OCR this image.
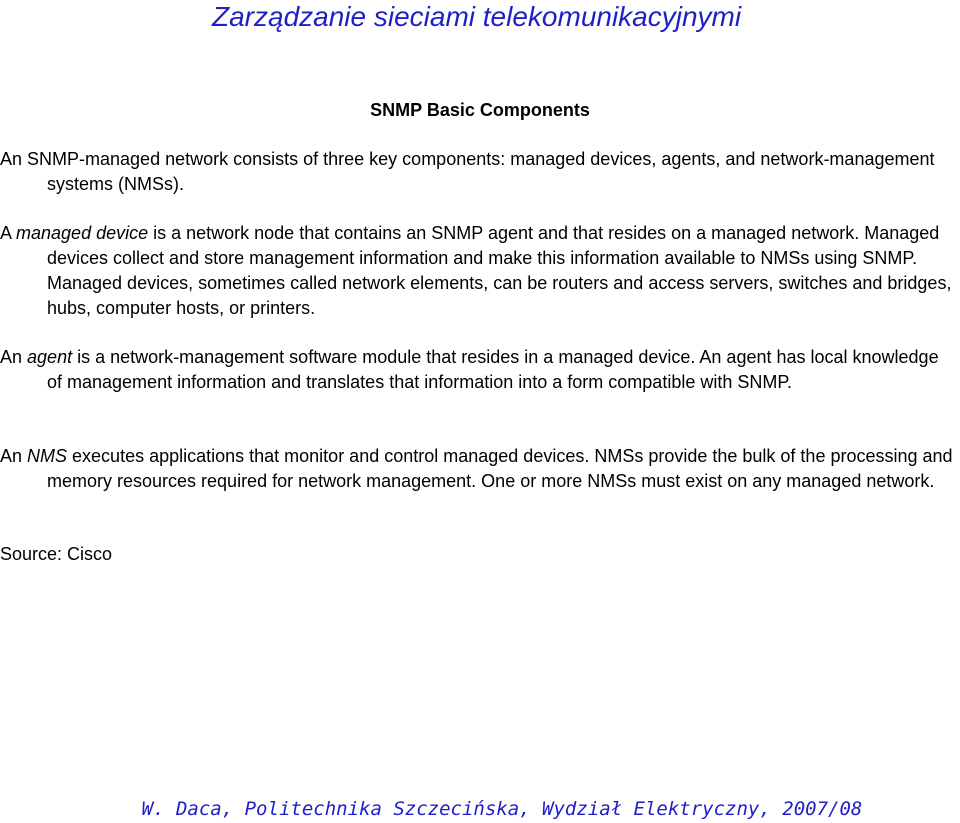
Zarządzanie sieciami telekomunikacyjnymi
SNMP Basic Components
An SNMP-managed network consists of three key components: managed devices, agents, and network-management systems (NMSs).
A managed device is a network node that contains an SNMP agent and that resides on a managed network. Managed devices collect and store management information and make this information available to NMSs using SNMP. Managed devices, sometimes called network elements, can be routers and access servers, switches and bridges, hubs, computer hosts, or printers.
An agent is a network-management software module that resides in a managed device. An agent has local knowledge of management information and translates that information into a form compatible with SNMP.
An NMS executes applications that monitor and control managed devices. NMSs provide the bulk of the processing and memory resources required for network management. One or more NMSs must exist on any managed network.
Source: Cisco
W. Daca, Politechnika Szczecińska, Wydział Elektryczny, 2007/08
